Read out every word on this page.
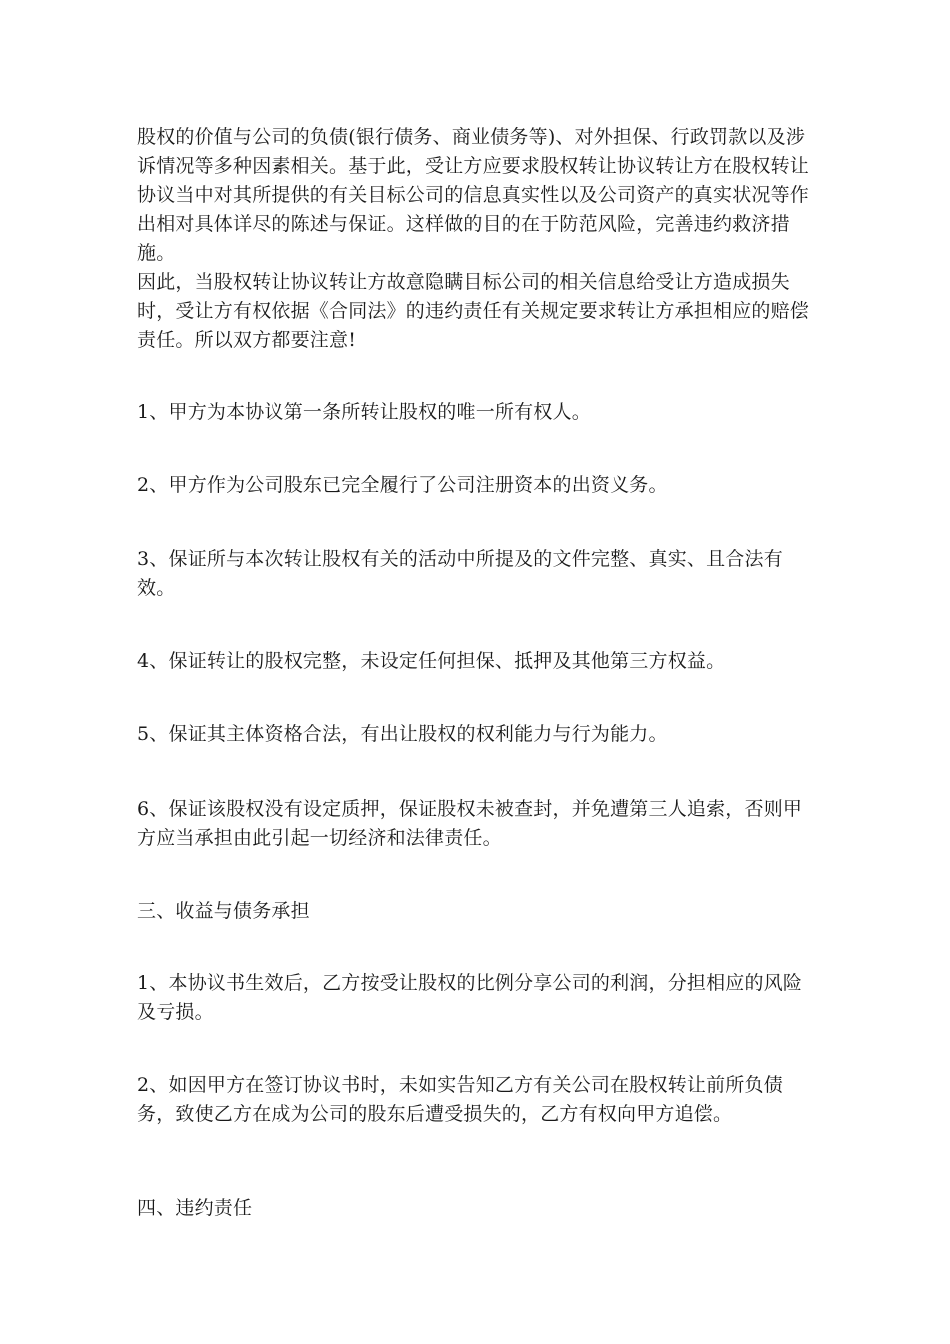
股权的价值与公司的负债(银行债务、商业债务等)、对外担保、行政罚款以及涉诉情况等多种因素相关。基于此，受让方应要求股权转让协议转让方在股权转让协议当中对其所提供的有关目标公司的信息真实性以及公司资产的真实状况等作出相对具体详尽的陈述与保证。这样做的目的在于防范风险，完善违约救济措施。

因此，当股权转让协议转让方故意隐瞒目标公司的相关信息给受让方造成损失时，受让方有权依据《合同法》的违约责任有关规定要求转让方承担相应的赔偿责任。所以双方都要注意!

1、甲方为本协议第一条所转让股权的唯一所有权人。

2、甲方作为公司股东已完全履行了公司注册资本的出资义务。

3、保证所与本次转让股权有关的活动中所提及的文件完整、真实、且合法有效。

4、保证转让的股权完整，未设定任何担保、抵押及其他第三方权益。

5、保证其主体资格合法，有出让股权的权利能力与行为能力。

6、保证该股权没有设定质押，保证股权未被查封，并免遭第三人追索，否则甲方应当承担由此引起一切经济和法律责任。

三、收益与债务承担

1、本协议书生效后，乙方按受让股权的比例分享公司的利润，分担相应的风险及亏损。

2、如因甲方在签订协议书时，未如实告知乙方有关公司在股权转让前所负债务，致使乙方在成为公司的股东后遭受损失的，乙方有权向甲方追偿。

四、违约责任
